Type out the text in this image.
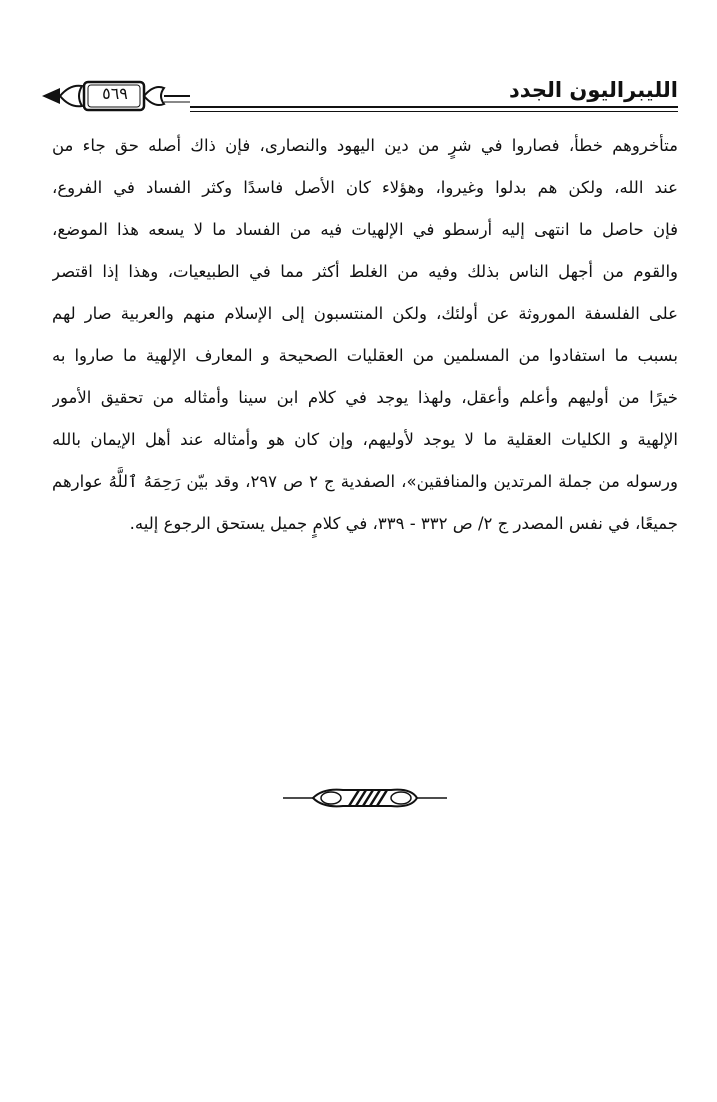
الليبراليون الجدد
٥٦٩
متأخروهم خطأ، فصاروا في شرٍ من دين اليهود والنصارى، فإن ذاك أصله حق جاء من
عند الله، ولكن هم بدلوا وغيروا، وهؤلاء كان الأصل فاسدًا وكثر الفساد في الفروع،
فإن حاصل ما انتهى إليه أرسطو في الإلهيات فيه من الفساد ما لا يسعه هذا الموضع،
والقوم من أجهل الناس بذلك وفيه من الغلط أكثر مما في الطبيعيات، وهذا إذا اقتصر
على الفلسفة الموروثة عن أولئك، ولكن المنتسبون إلى الإسلام منهم والعربية صار لهم
بسبب ما استفادوا من المسلمين من العقليات الصحيحة و المعارف الإلهية ما صاروا به
خيرًا من أوليهم وأعلم وأعقل، ولهذا يوجد في كلام ابن سينا وأمثاله من تحقيق الأمور
الإلهية و الكليات العقلية ما لا يوجد لأوليهم، وإن كان هو وأمثاله عند أهل الإيمان بالله
ورسوله من جملة المرتدين والمنافقين»، الصفدية ج ٢ ص ٢٩٧، وقد بيّن رَحِمَهُ ٱللَّهُ عوارهم
جميعًا، في نفس المصدر ج ٢/ ص ٣٣٢ - ٣٣٩، في كلامٍ جميل يستحق الرجوع إليه.
